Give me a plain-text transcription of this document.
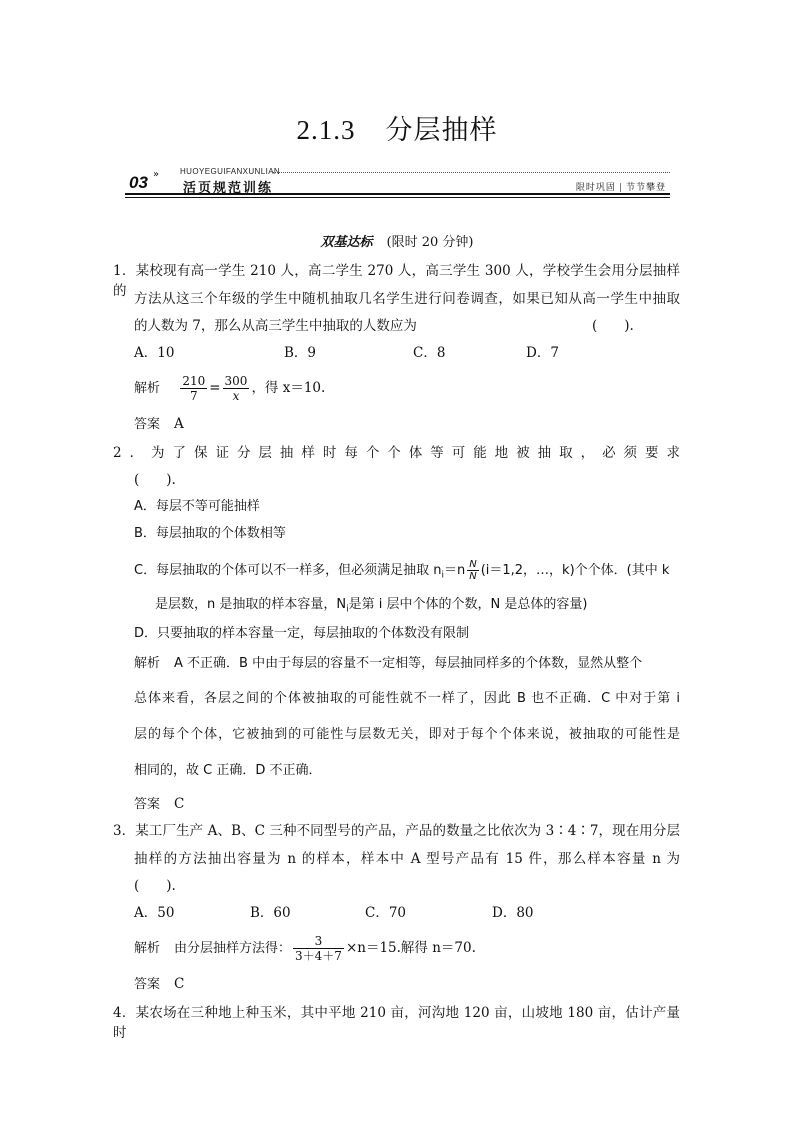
2.1.3 分层抽样
HUOYEGUIFANXUNLIAN
03 »
活页规范训练	限时巩固 | 节节攀登
双基达标 (限时 20 分钟)
1．某校现有高一学生 210 人，高二学生 270 人，高三学生 300 人，学校学生会用分层抽样的 方法从这三个年级的学生中随机抽取几名学生进行问卷调查，如果已知从高一学生中抽取
的人数为 7，那么从高三学生中抽取的人数应为	(　　).
A．10	B．9	C．8	D．7
解析 $\frac{210}{7} = \frac{300}{x}$ ，得 x＝10.
答案 A
2．为了保证分层抽样时每个个体等可能地被抽取，必须要求
(　　).
A．每层不等可能抽样
B．每层抽取的个体数相等
C．每层抽取的个体可以不一样多，但必须满足抽取 $n_i=n \frac{N}{N} (i=1,2$，…，k)个个体．(其中 k
是层数，n 是抽取的样本容量，$N_i$是第 i 层中个体的个数，N 是总体的容量)
D．只要抽取的样本容量一定，每层抽取的个体数没有限制
解析 A 不正确．B 中由于每层的容量不一定相等，每层抽同样多的个体数，显然从整个
总体来看，各层之间的个体被抽取的可能性就不一样了，因此 B 也不正确．C 中对于第 i
层的每个个体，它被抽到的可能性与层数无关，即对于每个个体来说，被抽取的可能性是
相同的，故 C 正确．D 不正确．
答案 C
3．某工厂生产 A、B、C 三种不同型号的产品，产品的数量之比依次为 3∶4∶7，现在用分层
抽样的方法抽出容量为 n 的样本，样本中 A 型号产品有 15 件，那么样本容量 n 为
(　　).
A．50	B．60	C．70	D．80
解析 由分层抽样方法得： $\frac{3}{3+4+7} \times n=15$.解得 n＝70.
答案 C
4．某农场在三种地上种玉米，其中平地 210 亩，河沟地 120 亩，山坡地 180 亩，估计产量时
